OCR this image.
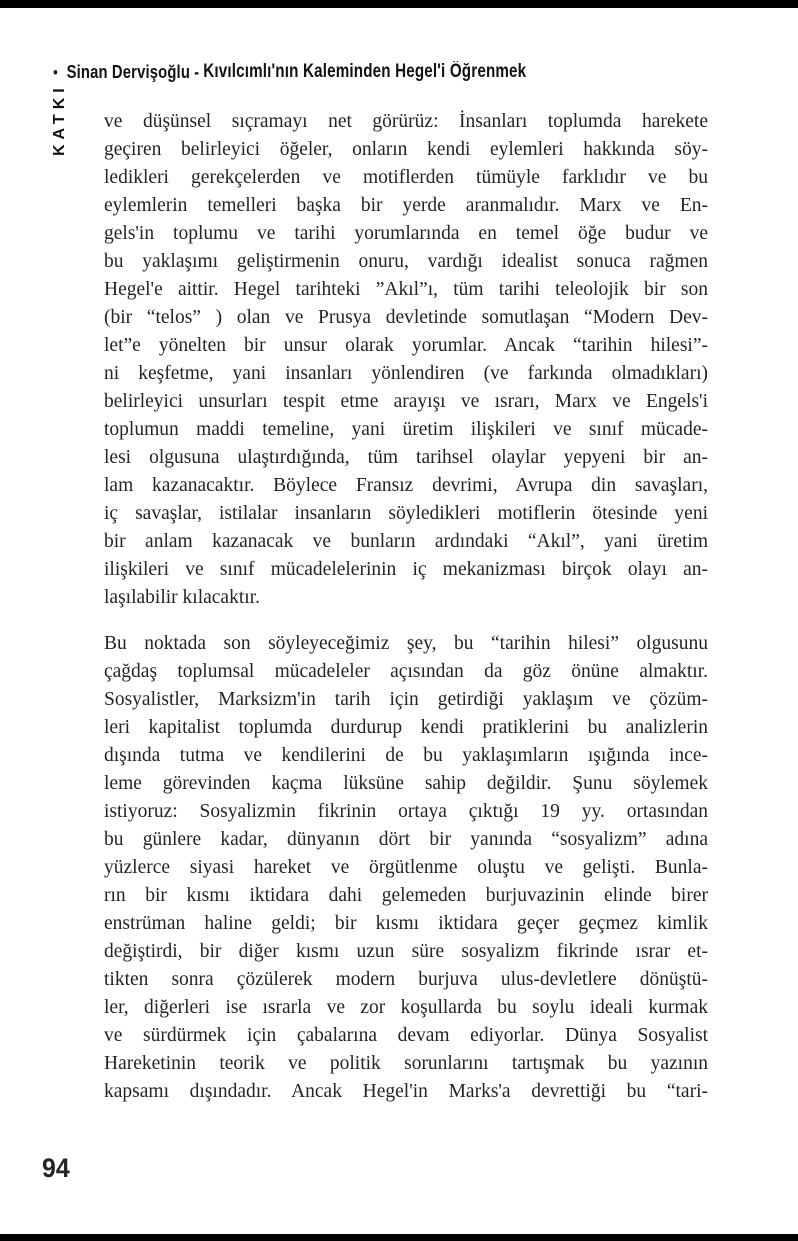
• Sinan Dervişoğlu - Kıvılcımlı'nın Kaleminden Hegel'i Öğrenmek
KATKI ve düşünsel sıçramayı net görürüz: İnsanları toplumda harekete
geçiren belirleyici öğeler, onların kendi eylemleri hakkında söy-
ledikleri gerekçelerden ve motiflerden tümüyle farklıdır ve bu
eylemlerin temelleri başka bir yerde aranmalıdır. Marx ve En-
gels'in toplumu ve tarihi yorumlarında en temel öğe budur ve
bu yaklaşımı geliştirmenin onuru, vardığı idealist sonuca rağmen
Hegel'e aittir. Hegel tarihteki ”Akıl”ı, tüm tarihi teleolojik bir son
(bir “telos” ) olan ve Prusya devletinde somutlaşan “Modern Dev-
let”e yönelten bir unsur olarak yorumlar. Ancak “tarihin hilesi”-
ni keşfetme, yani insanları yönlendiren (ve farkında olmadıkları)
belirleyici unsurları tespit etme arayışı ve ısrarı, Marx ve Engels'i
toplumun maddi temeline, yani üretim ilişkileri ve sınıf mücade-
lesi olgusuna ulaştırdığında, tüm tarihsel olaylar yepyeni bir an-
lam kazanacaktır. Böylece Fransız devrimi, Avrupa din savaşları,
iç savaşlar, istilalar insanların söyledikleri motiflerin ötesinde yeni
bir anlam kazanacak ve bunların ardındaki “Akıl”, yani üretim
ilişkileri ve sınıf mücadelelerinin iç mekanizması birçok olayı an-
laşılabilir kılacaktır.
Bu noktada son söyleyeceğimiz şey, bu “tarihin hilesi” olgusunu
çağdaş toplumsal mücadeleler açısından da göz önüne almaktır.
Sosyalistler, Marksizm'in tarih için getirdiği yaklaşım ve çözüm-
leri kapitalist toplumda durdurup kendi pratiklerini bu analizlerin
dışında tutma ve kendilerini de bu yaklaşımların ışığında ince-
leme görevinden kaçma lüksüne sahip değildir. Şunu söylemek
istiyoruz: Sosyalizmin fikrinin ortaya çıktığı 19 yy. ortasından
bu günlere kadar, dünyanın dört bir yanında “sosyalizm” adına
yüzlerce siyasi hareket ve örgütlenme oluştu ve gelişti. Bunla-
rın bir kısmı iktidara dahi gelemeden burjuvazinin elinde birer
enstrüman haline geldi; bir kısmı iktidara geçer geçmez kimlik
değiştirdi, bir diğer kısmı uzun süre sosyalizm fikrinde ısrar et-
tikten sonra çözülerek modern burjuva ulus-devletlere dönüştü-
ler, diğerleri ise ısrarla ve zor koşullarda bu soylu ideali kurmak
ve sürdürmek için çabalarına devam ediyorlar. Dünya Sosyalist
Hareketinin teorik ve politik sorunlarını tartışmak bu yazının
kapsamı dışındadır. Ancak Hegel'in Marks'a devrettiği bu “tari-
94
